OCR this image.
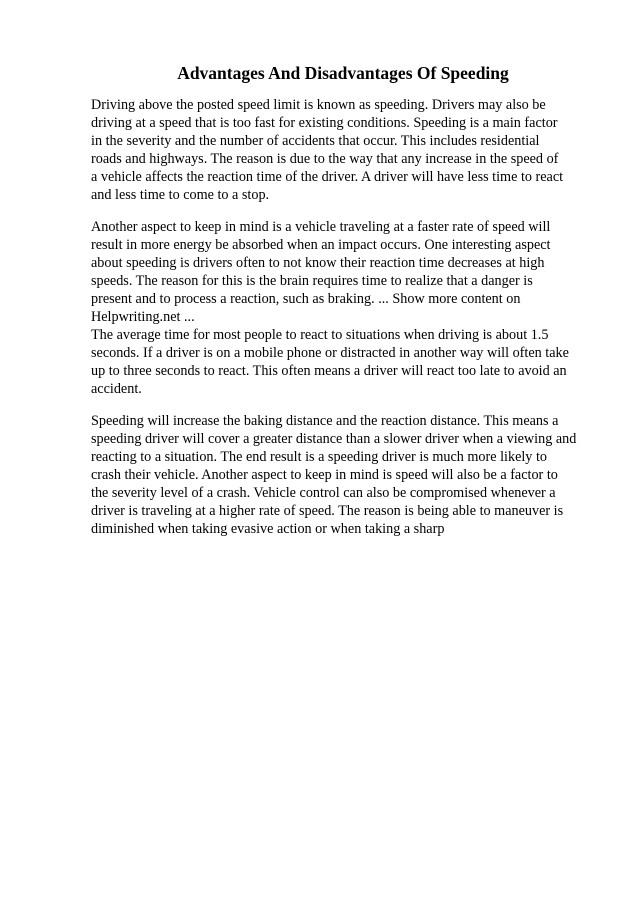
Advantages And Disadvantages Of Speeding

Driving above the posted speed limit is known as speeding. Drivers may also be

driving at a speed that is too fast for existing conditions. Speeding is a main factor

in the severity and the number of accidents that occur. This includes residential

roads and highways. The reason is due to the way that any increase in the speed of

a vehicle affects the reaction time of the driver. A driver will have less time to react

and less time to come to a stop.

Another aspect to keep in mind is a vehicle traveling at a faster rate of speed will

result in more energy be absorbed when an impact occurs. One interesting aspect

about speeding is drivers often to not know their reaction time decreases at high

speeds. The reason for this is the brain requires time to realize that a danger is

present and to process a reaction, such as braking. ... Show more content on

Helpwriting.net ...

The average time for most people to react to situations when driving is about 1.5

seconds. If a driver is on a mobile phone or distracted in another way will often take

up to three seconds to react. This often means a driver will react too late to avoid an

accident.

Speeding will increase the baking distance and the reaction distance. This means a

speeding driver will cover a greater distance than a slower driver when a viewing and

reacting to a situation. The end result is a speeding driver is much more likely to

crash their vehicle. Another aspect to keep in mind is speed will also be a factor to

the severity level of a crash. Vehicle control can also be compromised whenever a

driver is traveling at a higher rate of speed. The reason is being able to maneuver is

diminished when taking evasive action or when taking a sharp
